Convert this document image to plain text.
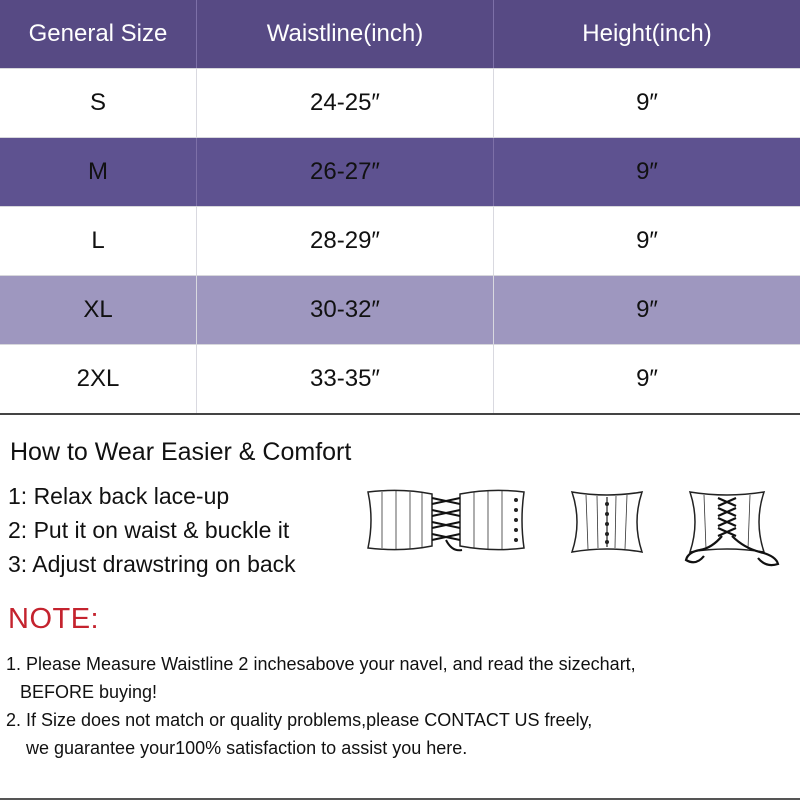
General Size	Waistline(inch)	Height(inch)
S	24-25″	9″
M	26-27″	9″
L	28-29″	9″
XL	30-32″	9″
2XL	33-35″	9″
How to Wear Easier & Comfort
1: Relax back lace-up
2: Put it on waist & buckle it
3: Adjust drawstring on back
NOTE:
1. Please Measure Waistline 2 inchesabove your navel, and read the sizechart,
BEFORE buying!
2. If Size does not match or quality problems,please CONTACT US freely,
we guarantee your100% satisfaction to assist you here.
